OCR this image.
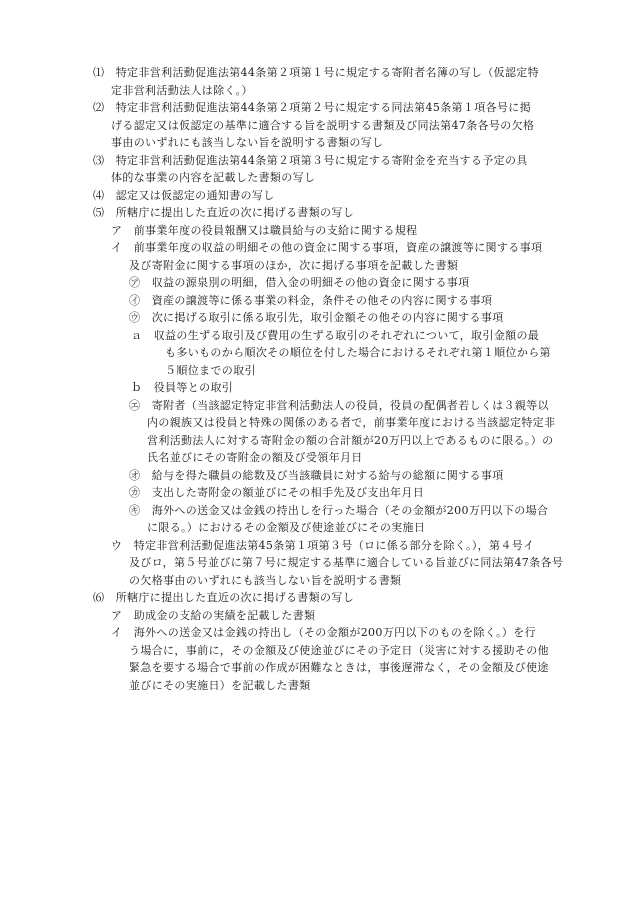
⑴　特定非営利活動促進法第44条第２項第１号に規定する寄附者名簿の写し（仮認定特
定非営利活動法人は除く。）
⑵　特定非営利活動促進法第44条第２項第２号に規定する同法第45条第１項各号に掲
げる認定又は仮認定の基準に適合する旨を説明する書類及び同法第47条各号の欠格
事由のいずれにも該当しない旨を説明する書類の写し
⑶　特定非営利活動促進法第44条第２項第３号に規定する寄附金を充当する予定の具
体的な事業の内容を記載した書類の写し
⑷　認定又は仮認定の通知書の写し
⑸　所轄庁に提出した直近の次に掲げる書類の写し
ア　前事業年度の役員報酬又は職員給与の支給に関する規程
イ　前事業年度の収益の明細その他の資金に関する事項，資産の譲渡等に関する事項
及び寄附金に関する事項のほか，次に掲げる事項を記載した書類
㋐　収益の源泉別の明細，借入金の明細その他の資金に関する事項
㋑　資産の譲渡等に係る事業の料金，条件その他その内容に関する事項
㋒　次に掲げる取引に係る取引先，取引金額その他その内容に関する事項
ａ　収益の生ずる取引及び費用の生ずる取引のそれぞれについて，取引金額の最
も多いものから順次その順位を付した場合におけるそれぞれ第１順位から第
５順位までの取引
ｂ　役員等との取引
㋓　寄附者（当該認定特定非営利活動法人の役員，役員の配偶者若しくは３親等以
内の親族又は役員と特殊の関係のある者で，前事業年度における当該認定特定非
営利活動法人に対する寄附金の額の合計額が20万円以上であるものに限る。）の
氏名並びにその寄附金の額及び受領年月日
㋔　給与を得た職員の総数及び当該職員に対する給与の総額に関する事項
㋕　支出した寄附金の額並びにその相手先及び支出年月日
㋖　海外への送金又は金銭の持出しを行った場合（その金額が200万円以下の場合
に限る。）におけるその金額及び使途並びにその実施日
ウ　特定非営利活動促進法第45条第１項第３号（ロに係る部分を除く。），第４号イ
及びロ，第５号並びに第７号に規定する基準に適合している旨並びに同法第47条各号
の欠格事由のいずれにも該当しない旨を説明する書類
⑹　所轄庁に提出した直近の次に掲げる書類の写し
ア　助成金の支給の実績を記載した書類
イ　海外への送金又は金銭の持出し（その金額が200万円以下のものを除く。）を行
う場合に，事前に，その金額及び使途並びにその予定日（災害に対する援助その他
緊急を要する場合で事前の作成が困難なときは，事後遅滞なく，その金額及び使途
並びにその実施日）を記載した書類
